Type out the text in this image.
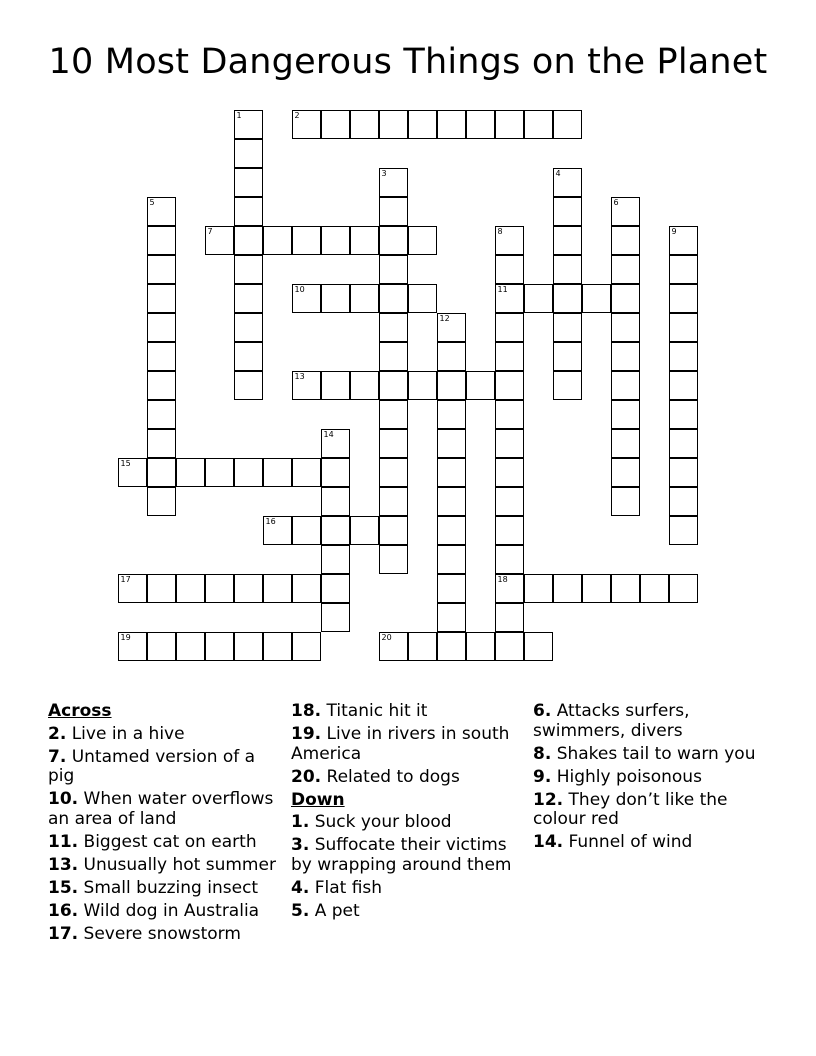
10 Most Dangerous Things on the Planet
1	2
3	4
5	6
7	8
11
18
9
10
12
13
14
15
16
17
19	20
Across
2. Live in a hive
7. Untamed version of a pig
10. When water overflows an area of land
11. Biggest cat on earth
13. Unusually hot summer
15. Small buzzing insect
16. Wild dog in Australia
17. Severe snowstorm
18. Titanic hit it
19. Live in rivers in south America
20. Related to dogs
Down
1. Suck your blood
3. Suffocate their victims by wrapping around them
4. Flat fish
5. A pet
6. Attacks surfers, swimmers, divers
8. Shakes tail to warn you
9. Highly poisonous
12. They don’t like the colour red
14. Funnel of wind
